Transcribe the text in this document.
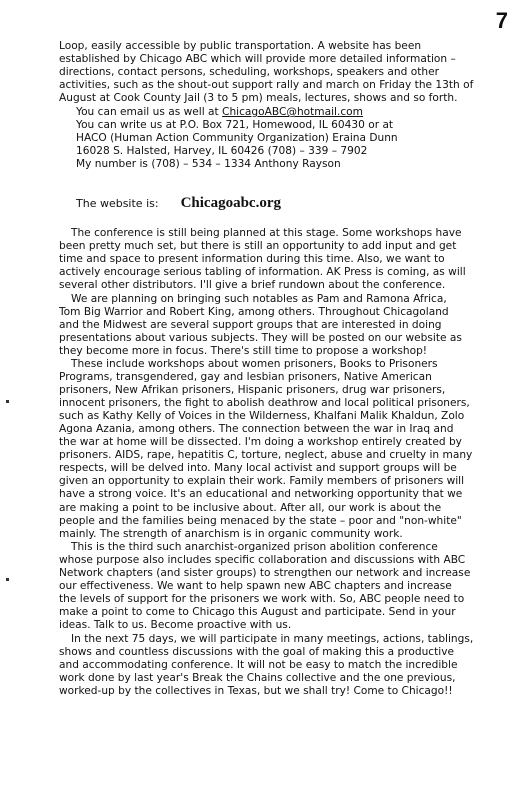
7
Loop, easily accessible by public transportation. A website has been
established by Chicago ABC which will provide more detailed information –
directions, contact persons, scheduling, workshops, speakers and other
activities, such as the shout-out support rally and march on Friday the 13th of
August at Cook County Jail (3 to 5 pm) meals, lectures, shows and so forth.
You can email us as well at ChicagoABC@hotmail.com
You can write us at P.O. Box 721, Homewood, IL 60430 or at
HACO (Human Action Community Organization) Eraina Dunn
16028 S. Halsted, Harvey, IL 60426 (708) – 339 – 7902
My number is (708) – 534 – 1334 Anthony Rayson
The website is: Chicagoabc.org
The conference is still being planned at this stage. Some workshops have
been pretty much set, but there is still an opportunity to add input and get
time and space to present information during this time. Also, we want to
actively encourage serious tabling of information. AK Press is coming, as will
several other distributors. I'll give a brief rundown about the conference.
We are planning on bringing such notables as Pam and Ramona Africa,
Tom Big Warrior and Robert King, among others. Throughout Chicagoland
and the Midwest are several support groups that are interested in doing
presentations about various subjects. They will be posted on our website as
they become more in focus. There's still time to propose a workshop!
These include workshops about women prisoners, Books to Prisoners
Programs, transgendered, gay and lesbian prisoners, Native American
prisoners, New Afrikan prisoners, Hispanic prisoners, drug war prisoners,
innocent prisoners, the fight to abolish deathrow and local political prisoners,
such as Kathy Kelly of Voices in the Wilderness, Khalfani Malik Khaldun, Zolo
Agona Azania, among others. The connection between the war in Iraq and
the war at home will be dissected. I'm doing a workshop entirely created by
prisoners. AIDS, rape, hepatitis C, torture, neglect, abuse and cruelty in many
respects, will be delved into. Many local activist and support groups will be
given an opportunity to explain their work. Family members of prisoners will
have a strong voice. It's an educational and networking opportunity that we
are making a point to be inclusive about. After all, our work is about the
people and the families being menaced by the state – poor and "non-white"
mainly. The strength of anarchism is in organic community work.
This is the third such anarchist-organized prison abolition conference
whose purpose also includes specific collaboration and discussions with ABC
Network chapters (and sister groups) to strengthen our network and increase
our effectiveness. We want to help spawn new ABC chapters and increase
the levels of support for the prisoners we work with. So, ABC people need to
make a point to come to Chicago this August and participate. Send in your
ideas. Talk to us. Become proactive with us.
In the next 75 days, we will participate in many meetings, actions, tablings,
shows and countless discussions with the goal of making this a productive
and accommodating conference. It will not be easy to match the incredible
work done by last year's Break the Chains collective and the one previous,
worked-up by the collectives in Texas, but we shall try! Come to Chicago!!
